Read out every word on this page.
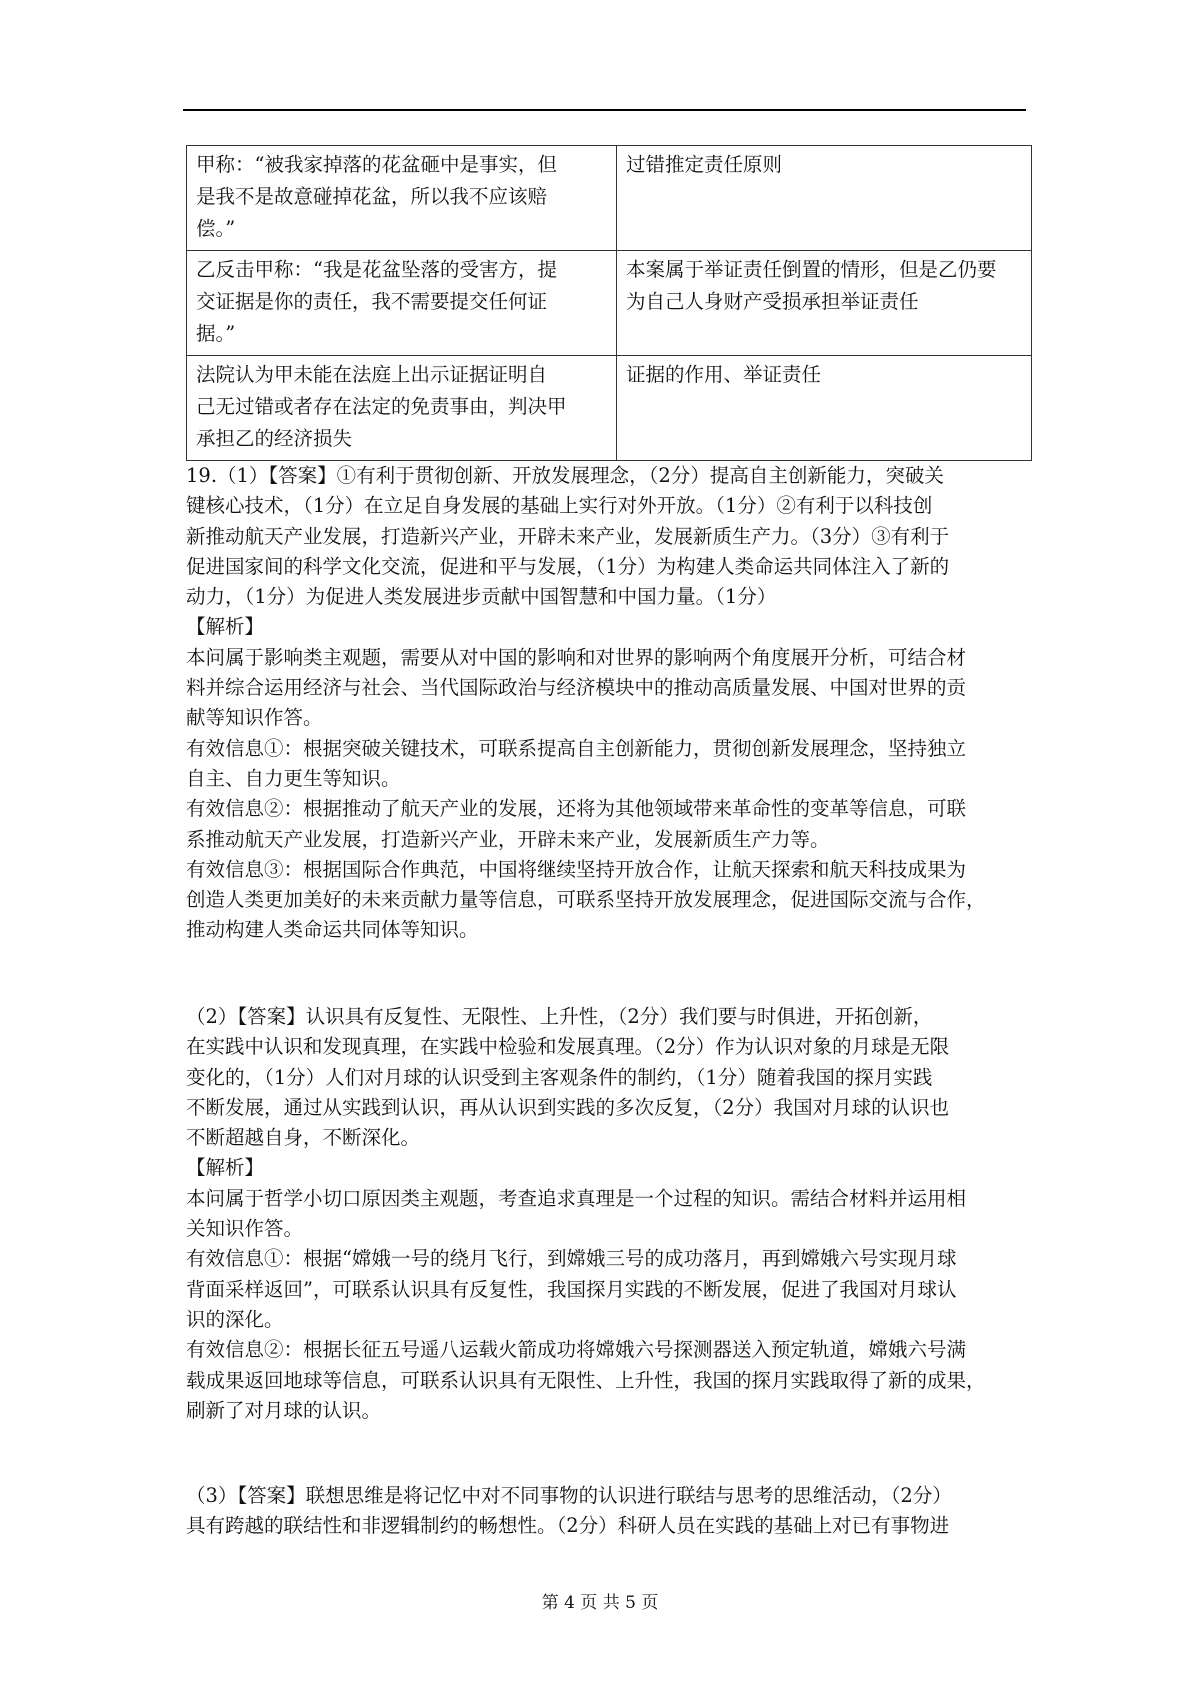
甲称：“被我家掉落的花盆砸中是事实，但
是我不是故意碰掉花盆，所以我不应该赔
偿。”	过错推定责任原则

乙反击甲称：“我是花盆坠落的受害方，提
交证据是你的责任，我不需要提交任何证
据。”	本案属于举证责任倒置的情形，但是乙仍要
为自己人身财产受损承担举证责任

法院认为甲未能在法庭上出示证据证明自
己无过错或者存在法定的免责事由，判决甲
承担乙的经济损失	证据的作用、举证责任
19.（1）【答案】①有利于贯彻创新、开放发展理念，（2分）提高自主创新能力，突破关
键核心技术，（1分）在立足自身发展的基础上实行对外开放。（1分）②有利于以科技创
新推动航天产业发展，打造新兴产业，开辟未来产业，发展新质生产力。（3分）③有利于
促进国家间的科学文化交流，促进和平与发展，（1分）为构建人类命运共同体注入了新的
动力，（1分）为促进人类发展进步贡献中国智慧和中国力量。（1分）
【解析】
本问属于影响类主观题，需要从对中国的影响和对世界的影响两个角度展开分析，可结合材
料并综合运用经济与社会、当代国际政治与经济模块中的推动高质量发展、中国对世界的贡
献等知识作答。
有效信息①：根据突破关键技术，可联系提高自主创新能力，贯彻创新发展理念，坚持独立
自主、自力更生等知识。
有效信息②：根据推动了航天产业的发展，还将为其他领域带来革命性的变革等信息，可联
系推动航天产业发展，打造新兴产业，开辟未来产业，发展新质生产力等。
有效信息③：根据国际合作典范，中国将继续坚持开放合作，让航天探索和航天科技成果为
创造人类更加美好的未来贡献力量等信息，可联系坚持开放发展理念，促进国际交流与合作，
推动构建人类命运共同体等知识。
（2）【答案】认识具有反复性、无限性、上升性，（2分）我们要与时俱进，开拓创新，
在实践中认识和发现真理，在实践中检验和发展真理。（2分）作为认识对象的月球是无限
变化的，（1分）人们对月球的认识受到主客观条件的制约，（1分）随着我国的探月实践
不断发展，通过从实践到认识，再从认识到实践的多次反复，（2分）我国对月球的认识也
不断超越自身，不断深化。
【解析】
本问属于哲学小切口原因类主观题，考查追求真理是一个过程的知识。需结合材料并运用相
关知识作答。
有效信息①：根据“嫦娥一号的绕月飞行，到嫦娥三号的成功落月，再到嫦娥六号实现月球
背面采样返回”，可联系认识具有反复性，我国探月实践的不断发展，促进了我国对月球认
识的深化。
有效信息②：根据长征五号遥八运载火箭成功将嫦娥六号探测器送入预定轨道，嫦娥六号满
载成果返回地球等信息，可联系认识具有无限性、上升性，我国的探月实践取得了新的成果，
刷新了对月球的认识。
（3）【答案】联想思维是将记忆中对不同事物的认识进行联结与思考的思维活动，（2分）
具有跨越的联结性和非逻辑制约的畅想性。（2分）科研人员在实践的基础上对已有事物进
第 4 页 共 5 页
